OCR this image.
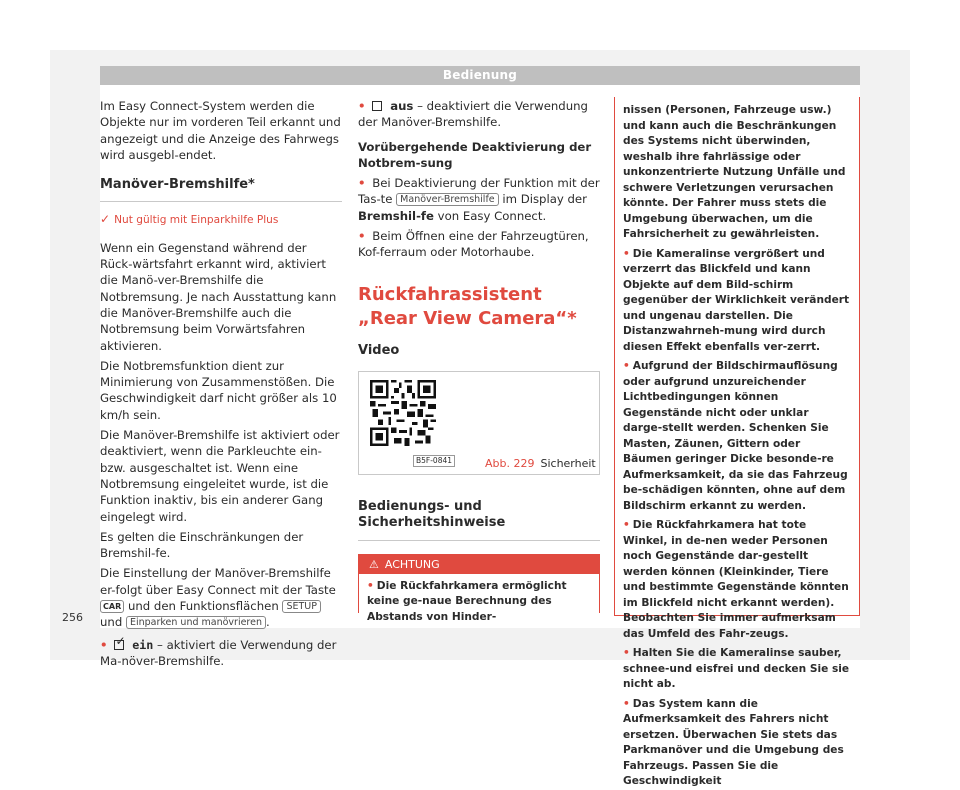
Bedienung

Im Easy Connect-System werden die Objekte nur im vorderen Teil erkannt und angezeigt und die Anzeige des Fahrwegs wird ausgebl-endet.

Manöver-Bremshilfe*
✓ Nut gültig mit Einparkhilfe Plus

Wenn ein Gegenstand während der Rück-wärtsfahrt erkannt wird, aktiviert die Manö-ver-Bremshilfe die Notbremsung. Je nach Ausstattung kann die Manöver-Bremshilfe auch die Notbremsung beim Vorwärtsfahren aktivieren.

Die Notbremsfunktion dient zur Minimierung von Zusammenstößen. Die Geschwindigkeit darf nicht größer als 10 km/h sein.

Die Manöver-Bremshilfe ist aktiviert oder deaktiviert, wenn die Parkleuchte ein- bzw. ausgeschaltet ist. Wenn eine Notbremsung eingeleitet wurde, ist die Funktion inaktiv, bis ein anderer Gang eingelegt wird.

Es gelten die Einschränkungen der Bremshil-fe.

Die Einstellung der Manöver-Bremshilfe er-folgt über Easy Connect mit der Taste CAR und den Funktionsflächen SETUP und Einparken und manövrieren .

• ✓ ein – aktiviert die Verwendung der Ma-növer-Bremshilfe.

• aus – deaktiviert die Verwendung der Manöver-Bremshilfe.

Vorübergehende Deaktivierung der Notbrem-sung

• Bei Deaktivierung der Funktion mit der Tas-te Manöver-Bremshilfe im Display der Bremshil-fe von Easy Connect.

• Beim Öffnen eine der Fahrzeugtüren, Kof-ferraum oder Motorhaube.

Rückfahrassistent „Rear View Camera“*
Video
B5F-0841	Abb. 229 Sicherheit
Bedienungs- und Sicherheitshinweise
⚠ ACHTUNG
• Die Rückfahrkamera ermöglicht keine ge-naue Berechnung des Abstands von Hinder-

nissen (Personen, Fahrzeuge usw.) und kann auch die Beschränkungen des Systems nicht überwinden, weshalb ihre fahrlässige oder unkonzentrierte Nutzung Unfälle und schwere Verletzungen verursachen könnte. Der Fahrer muss stets die Umgebung überwachen, um die Fahrsicherheit zu gewährleisten.

• Die Kameralinse vergrößert und verzerrt das Blickfeld und kann Objekte auf dem Bild-schirm gegenüber der Wirklichkeit verändert und ungenau darstellen. Die Distanzwahrneh-mung wird durch diesen Effekt ebenfalls ver-zerrt.

• Aufgrund der Bildschirmauflösung oder aufgrund unzureichender Lichtbedingungen können Gegenstände nicht oder unklar darge-stellt werden. Schenken Sie Masten, Zäunen, Gittern oder Bäumen geringer Dicke besonde-re Aufmerksamkeit, da sie das Fahrzeug be-schädigen könnten, ohne auf dem Bildschirm erkannt zu werden.

• Die Rückfahrkamera hat tote Winkel, in de-nen weder Personen noch Gegenstände dar-gestellt werden können (Kleinkinder, Tiere und bestimmte Gegenstände könnten im Blickfeld nicht erkannt werden). Beobachten Sie immer aufmerksam das Umfeld des Fahr-zeugs.

• Halten Sie die Kameralinse sauber, schnee-und eisfrei und decken Sie sie nicht ab.

• Das System kann die Aufmerksamkeit des Fahrers nicht ersetzen. Überwachen Sie stets das Parkmanöver und die Umgebung des Fahrzeugs. Passen Sie die Geschwindigkeit

256
